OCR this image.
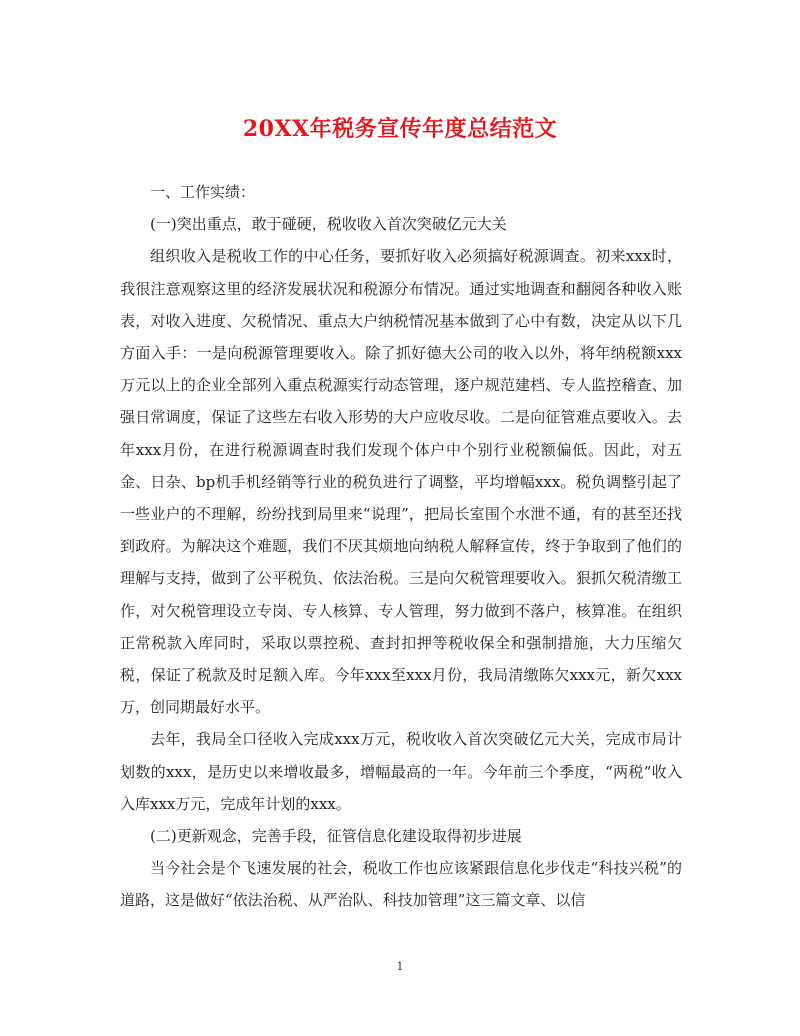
20XX年税务宣传年度总结范文

一、工作实绩：

(一)突出重点，敢于碰硬，税收收入首次突破亿元大关

组织收入是税收工作的中心任务，要抓好收入必须搞好税源调查。初来xxx时，我很注意观察这里的经济发展状况和税源分布情况。通过实地调查和翻阅各种收入账表，对收入进度、欠税情况、重点大户纳税情况基本做到了心中有数，决定从以下几方面入手：一是向税源管理要收入。除了抓好德大公司的收入以外，将年纳税额xxx万元以上的企业全部列入重点税源实行动态管理，逐户规范建档、专人监控稽查、加强日常调度，保证了这些左右收入形势的大户应收尽收。二是向征管难点要收入。去年xxx月份，在进行税源调查时我们发现个体户中个别行业税额偏低。因此，对五金、日杂、bp机手机经销等行业的税负进行了调整，平均增幅xxx。税负调整引起了一些业户的不理解，纷纷找到局里来“说理”，把局长室围个水泄不通，有的甚至还找到政府。为解决这个难题，我们不厌其烦地向纳税人解释宣传，终于争取到了他们的理解与支持，做到了公平税负、依法治税。三是向欠税管理要收入。狠抓欠税清缴工作，对欠税管理设立专岗、专人核算、专人管理，努力做到不落户，核算准。在组织正常税款入库同时，采取以票控税、查封扣押等税收保全和强制措施，大力压缩欠税，保证了税款及时足额入库。今年xxx至xxx月份，我局清缴陈欠xxx元，新欠xxx万，创同期最好水平。

去年，我局全口径收入完成xxx万元，税收收入首次突破亿元大关，完成市局计划数的xxx，是历史以来增收最多，增幅最高的一年。今年前三个季度，“两税”收入入库xxx万元，完成年计划的xxx。

(二)更新观念，完善手段，征管信息化建设取得初步进展

当今社会是个飞速发展的社会，税收工作也应该紧跟信息化步伐走“科技兴税”的道路，这是做好“依法治税、从严治队、科技加管理”这三篇文章、以信

1
